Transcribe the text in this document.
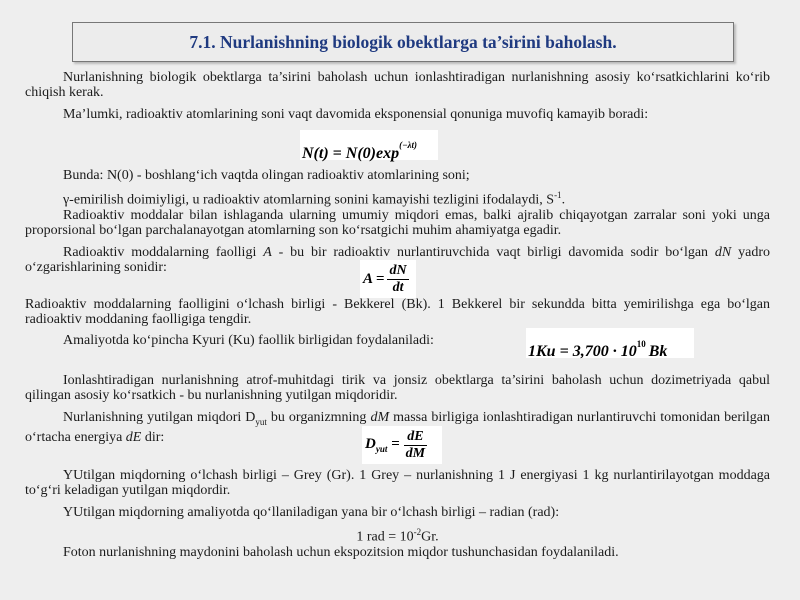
7.1. Nurlanishning biologik obektlarga ta’sirini baholash.
Nurlanishning biologik obektlarga ta’sirini baholash uchun ionlashtiradigan nurlanishning asosiy ko‘rsatkichlarini ko‘rib chiqish kerak.
Ma’lumki, radioaktiv atomlarining soni vaqt davomida eksponensial qonuniga muvofiq kamayib boradi:
$N(t) = N(0)\exp^{(-\lambda t)}$
Bunda: N(0) - boshlang‘ich vaqtda olingan radioaktiv atomlarining soni;
γ-emirilish doimiyligi, u radioaktiv atomlarning sonini kamayishi tezligini ifodalaydi, $S^{-1}$.
Radioaktiv moddalar bilan ishlaganda ularning umumiy miqdori emas, balki ajralib chiqayotgan zarralar soni yoki unga proporsional bo‘lgan parchalanayotgan atomlarning son ko‘rsatgichi muhim ahamiyatga egadir.
Radioaktiv moddalarning faolligi A - bu bir radioaktiv nurlantiruvchida vaqt birligi davomida sodir bo‘lgan dN yadro o‘zgarishlarining sonidir:
$A = \frac{dN}{dt}$
Radioaktiv moddalarning faolligini o‘lchash birligi - Bekkerel (Bk). 1 Bekkerel bir sekundda bitta yemirilishga ega bo‘lgan radioaktiv moddaning faolligiga tengdir.
Amaliyotda ko‘pincha Kyuri (Ku) faollik birligidan foydalaniladi:
$1Ku = 3,700 \cdot 10^{10}$ Bk
Ionlashtiradigan nurlanishning atrof-muhitdagi tirik va jonsiz obektlarga ta’sirini baholash uchun dozimetriyada qabul qilingan asosiy ko‘rsatkich - bu nurlanishning yutilgan miqdoridir.
Nurlanishning yutilgan miqdori $D_{yut}$ bu organizmning dM massa birligiga ionlashtiradigan nurlantiruvchi tomonidan berilgan o‘rtacha energiya dE dir:	$D_{yut} = \frac{dE}{dM}$
YUtilgan miqdorning o‘lchash birligi – Grey (Gr). 1 Grey – nurlanishning 1 J energiyasi 1 kg nurlantirilayotgan moddaga to‘g‘ri keladigan yutilgan miqdordir.
YUtilgan miqdorning amaliyotda qo‘llaniladigan yana bir o‘lchash birligi – radian (rad):
1 rad = $10^{-2}Gr$.
Foton nurlanishning maydonini baholash uchun ekspozitsion miqdor tushunchasidan foydalaniladi.
